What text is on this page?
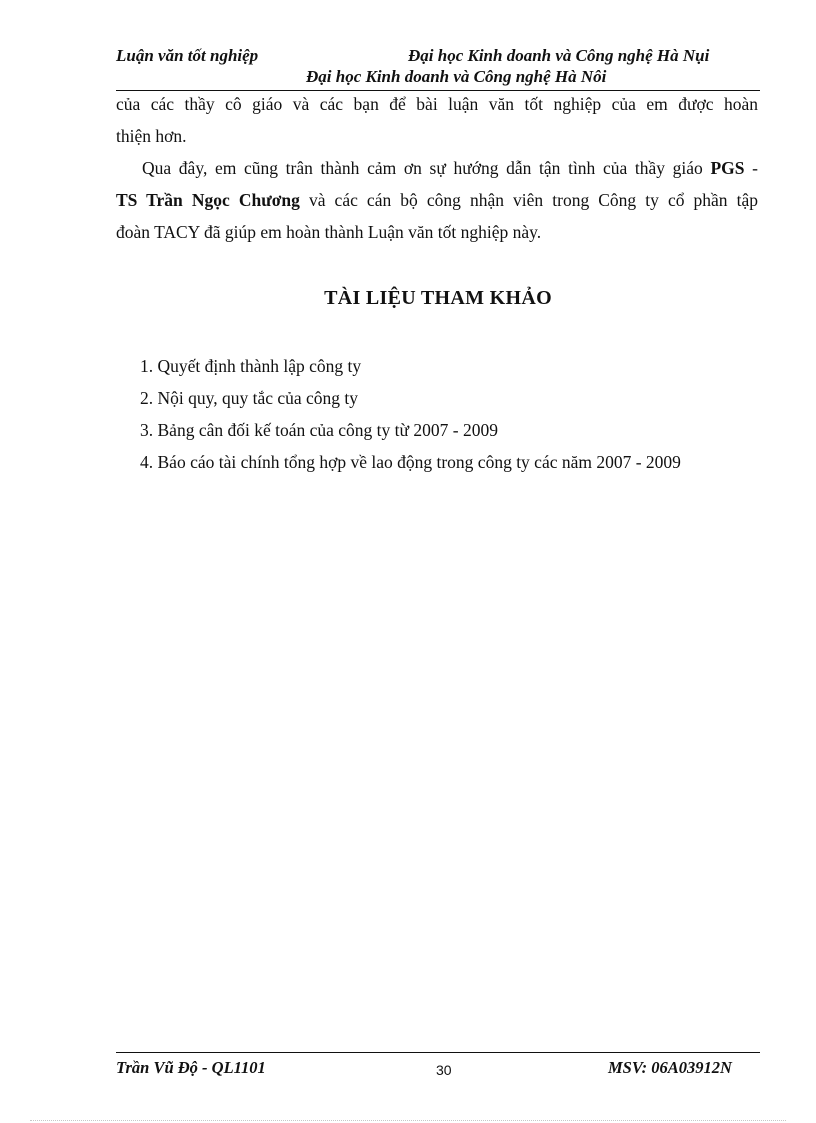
Luận văn tốt nghiệp	Đại học Kinh doanh và Công nghệ Hà Nụi
Đại học Kinh doanh và Công nghệ Hà Nôi
của các thầy cô giáo và các bạn để bài luận văn tốt nghiệp của em được hoàn
thiện hơn.
Qua đây, em cũng trân thành cảm ơn sự hướng dẫn tận tình của thầy giáo PGS -
TS Trần Ngọc Chương và các cán bộ công nhận viên trong Công ty cổ phần tập
đoàn TACY đã giúp em hoàn thành Luận văn tốt nghiệp này.
TÀI LIỆU THAM KHẢO
1. Quyết định thành lập công ty
2. Nội quy, quy tắc của công ty
3. Bảng cân đối kế toán của công ty từ 2007 - 2009
4. Báo cáo tài chính tổng hợp về lao động trong công ty các năm 2007 - 2009
Trần Vũ Độ - QL1101	30	MSV: 06A03912N
